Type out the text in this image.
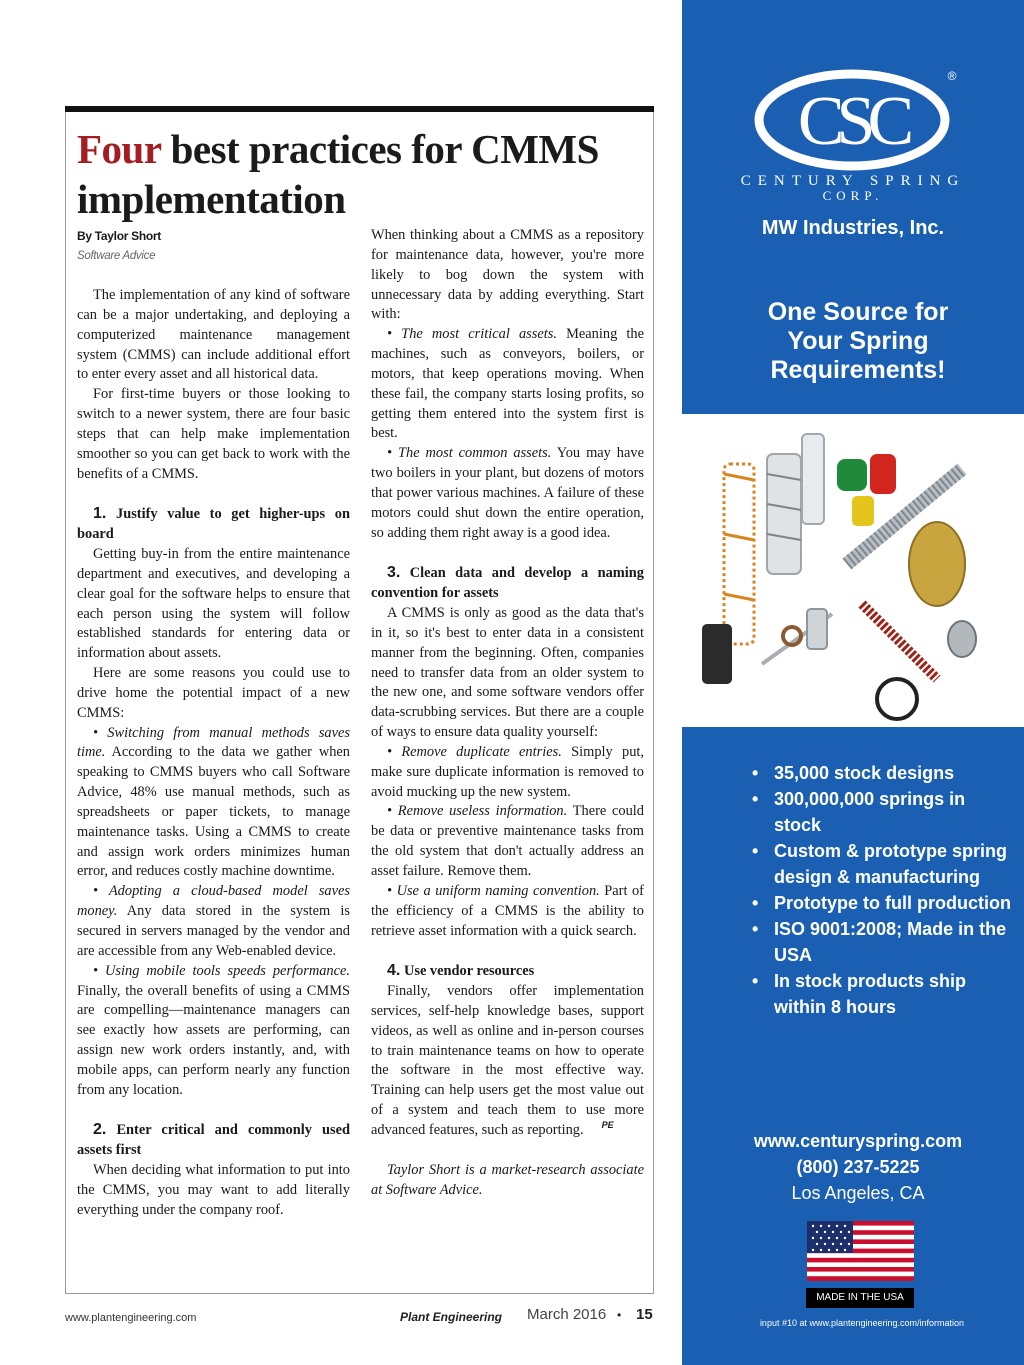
Four best practices for CMMS implementation
By Taylor Short
Software Advice

The implementation of any kind of software can be a major undertaking, and deploying a computerized maintenance management system (CMMS) can include additional effort to enter every asset and all historical data.

For first-time buyers or those looking to switch to a newer system, there are four basic steps that can help make implementation smoother so you can get back to work with the benefits of a CMMS.

1. Justify value to get higher-ups on board

Getting buy-in from the entire maintenance department and executives, and developing a clear goal for the software helps to ensure that each person using the system will follow established standards for entering data or information about assets.

Here are some reasons you could use to drive home the potential impact of a new CMMS:

• Switching from manual methods saves time. According to the data we gather when speaking to CMMS buyers who call Software Advice, 48% use manual methods, such as spreadsheets or paper tickets, to manage maintenance tasks. Using a CMMS to create and assign work orders minimizes human error, and reduces costly machine downtime.

• Adopting a cloud-based model saves money. Any data stored in the system is secured in servers managed by the vendor and are accessible from any Web-enabled device.

• Using mobile tools speeds performance. Finally, the overall benefits of using a CMMS are compelling—maintenance managers can see exactly how assets are performing, can assign new work orders instantly, and, with mobile apps, can perform nearly any function from any location.

2. Enter critical and commonly used assets first

When deciding what information to put into the CMMS, you may want to add literally everything under the company roof.

When thinking about a CMMS as a repository for maintenance data, however, you're more likely to bog down the system with unnecessary data by adding everything. Start with:

• The most critical assets. Meaning the machines, such as conveyors, boilers, or motors, that keep operations moving. When these fail, the company starts losing profits, so getting them entered into the system first is best.

• The most common assets. You may have two boilers in your plant, but dozens of motors that power various machines. A failure of these motors could shut down the entire operation, so adding them right away is a good idea.

3. Clean data and develop a naming convention for assets

A CMMS is only as good as the data that's in it, so it's best to enter data in a consistent manner from the beginning. Often, companies need to transfer data from an older system to the new one, and some software vendors offer data-scrubbing services. But there are a couple of ways to ensure data quality yourself:

• Remove duplicate entries. Simply put, make sure duplicate information is removed to avoid mucking up the new system.

• Remove useless information. There could be data or preventive maintenance tasks from the old system that don't actually address an asset failure. Remove them.

• Use a uniform naming convention. Part of the efficiency of a CMMS is the ability to retrieve asset information with a quick search.

4. Use vendor resources

Finally, vendors offer implementation services, self-help knowledge bases, support videos, as well as online and in-person courses to train maintenance teams on how to operate the software in the most effective way. Training can help users get the most value out of a system and teach them to use more advanced features, such as reporting. PE

Taylor Short is a market-research associate at Software Advice.

www.plantengineering.com	Plant Engineering March 2016 • 15
CSC
®
CENTURY SPRING
CORP.
MW Industries, Inc.
One Source for Your Spring Requirements!
• 35,000 stock designs
• 300,000,000 springs in stock
• Custom & prototype spring design & manufacturing
• Prototype to full production
• ISO 9001:2008; Made in the USA
• In stock products ship within 8 hours
www.centuryspring.com
(800) 237-5225
Los Angeles, CA
MADE IN THE USA
input #10 at www.plantengineering.com/information
